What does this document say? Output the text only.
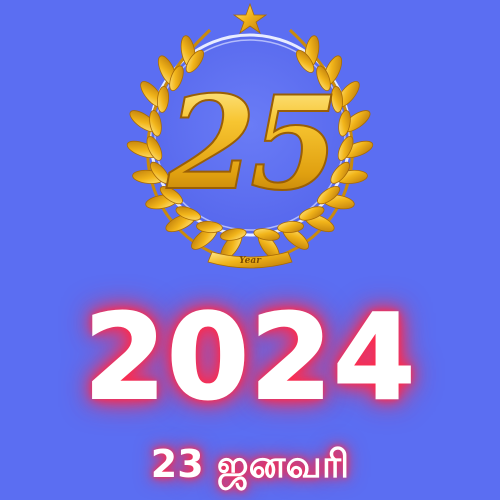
25
Year
2024
23 ஜனவரி
